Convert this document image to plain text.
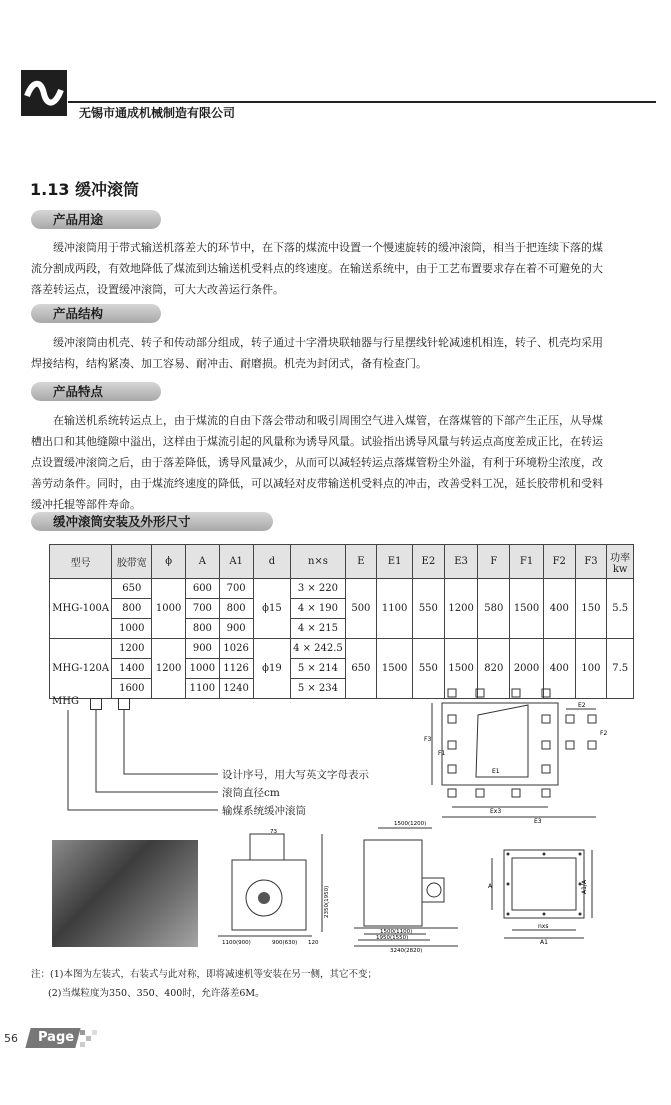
无锡市通成机械制造有限公司
1.13 缓冲滚筒
产品用途
缓冲滚筒用于带式输送机落差大的环节中，在下落的煤流中设置一个慢速旋转的缓冲滚筒，相当于把连续下落的煤
流分割成两段，有效地降低了煤流到达输送机受料点的终速度。在输送系统中，由于工艺布置要求存在着不可避免的大
落差转运点，设置缓冲滚筒，可大大改善运行条件。
产品结构
缓冲滚筒由机壳、转子和传动部分组成，转子通过十字滑块联轴器与行星摆线针轮减速机相连，转子、机壳均采用
焊接结构，结构紧凑、加工容易、耐冲击、耐磨损。机壳为封闭式，备有检查门。
产品特点
在输送机系统转运点上，由于煤流的自由下落会带动和吸引周围空气进入煤管，在落煤管的下部产生正压，从导煤
槽出口和其他缝隙中溢出，这样由于煤流引起的风量称为诱导风量。试验指出诱导风量与转运点高度差成正比，在转运
点设置缓冲滚筒之后，由于落差降低，诱导风量减少，从而可以减轻转运点落煤管粉尘外溢，有利于环境粉尘浓度，改
善劳动条件。同时，由于煤流终速度的降低，可以减轻对皮带输送机受料点的冲击，改善受料工况，延长胶带机和受料
缓冲托辊等部件寿命。
缓冲滚筒安装及外形尺寸
型号	胶带宽	ϕ	A	A1	d	n×s	E	E1	E2	E3	F	F1	F2	F3	功率 kw
MHG-100A	650	1000	600	700	ϕ15	3 × 220	500	1100	550	1200	580	1500	400	150	5.5
	800		700	800		4 × 190									
	1000		800	900		4 × 215									
MHG-120A	1200	1200	900	1026	ϕ19	4 × 242.5	650	1500	550	1500	820	2000	400	100	7.5
	1400		1000	1126		5 × 214									
	1600		1100	1240		5 × 234									
MHG
设计序号，用大写英文字母表示
滚筒直径cm
输煤系统缓冲滚筒
E2
F3
F1
F2
E1
Ex3
E3
73
1100(900)	900(630) 120
2350(1950)
1500(1200)
1500(1100)
1950(1550)
3240(2820)
A1
A
nxs
A1/A
注：(1)本图为左装式，右装式与此对称，即将减速机等安装在另一侧，其它不变；
(2)当煤粒度为350、350、400时，允许落差6M。
56 Page
